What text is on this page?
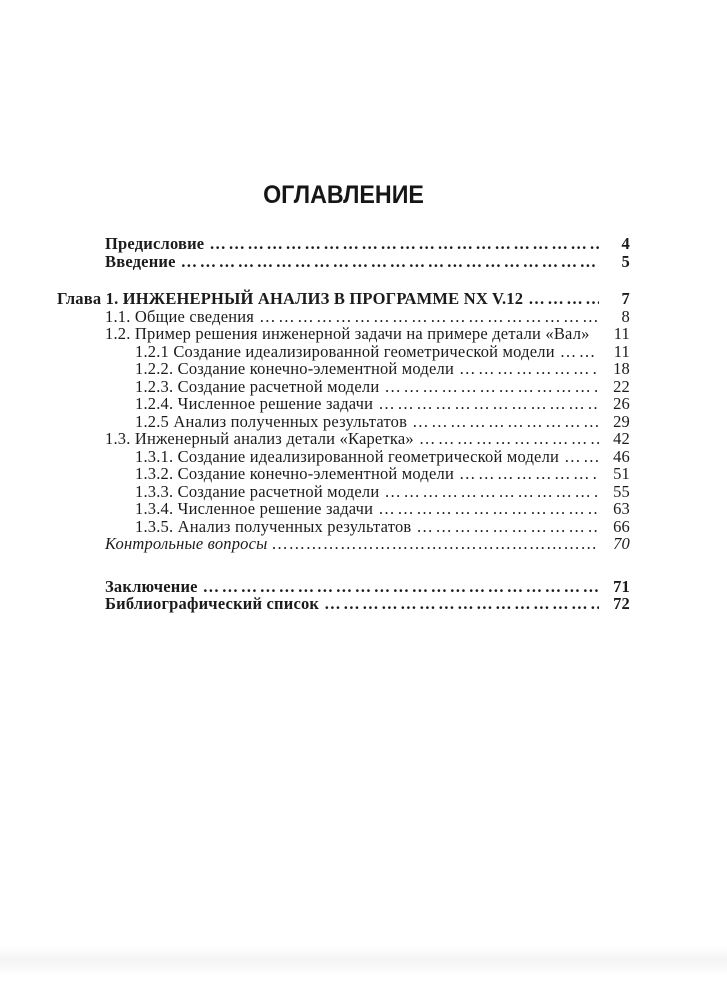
ОГЛАВЛЕНИЕ
Предисловие …………………………………………………………………………………………………………	4
Введение …………………………………………………………………………………………………………	5
Глава 1. ИНЖЕНЕРНЫЙ АНАЛИЗ В ПРОГРАММЕ NX V.12 …………………………………………………………………………………………………………	7
1.1. Общие сведения …………………………………………………………………………………………………………	8
1.2. Пример решения инженерной задачи на примере детали «Вал»	11
1.2.1 Создание идеализированной геометрической модели …………………………………………………………………………………………………………	11
1.2.2. Создание конечно-элементной модели …………………………………………………………………………………………………………	18
1.2.3. Создание расчетной модели …………………………………………………………………………………………………………	22
1.2.4. Численное решение задачи …………………………………………………………………………………………………………	26
1.2.5 Анализ полученных результатов …………………………………………………………………………………………………………	29
1.3. Инженерный анализ детали «Каретка» …………………………………………………………………………………………………………	42
1.3.1. Создание идеализированной геометрической модели …………………………………………………………………………………………………………	46
1.3.2. Создание конечно-элементной модели …………………………………………………………………………………………………………	51
1.3.3. Создание расчетной модели …………………………………………………………………………………………………………	55
1.3.4. Численное решение задачи …………………………………………………………………………………………………………	63
1.3.5. Анализ полученных результатов …………………………………………………………………………………………………………	66
Контрольные вопросы …………………………………………………………………………………………………………	70
Заключение …………………………………………………………………………………………………………	71
Библиографический список …………………………………………………………………………………………………………	72
